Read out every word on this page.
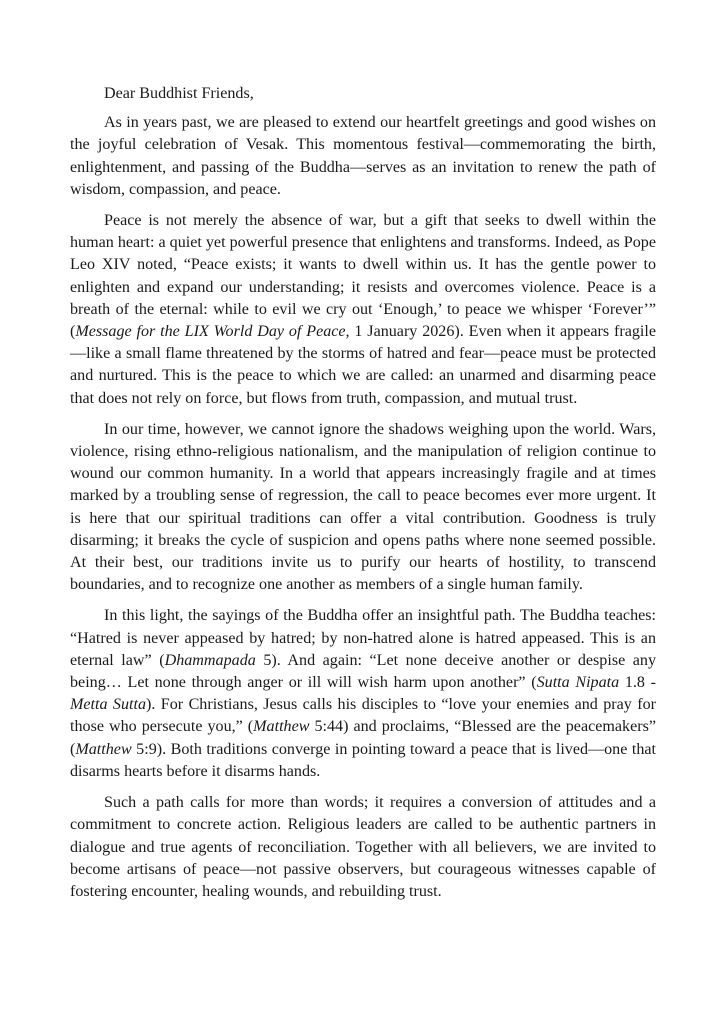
Dear Buddhist Friends,

As in years past, we are pleased to extend our heartfelt greetings and good wishes on the joyful celebration of Vesak. This momentous festival—commemorating the birth, enlightenment, and passing of the Buddha—serves as an invitation to renew the path of wisdom, compassion, and peace.

Peace is not merely the absence of war, but a gift that seeks to dwell within the human heart: a quiet yet powerful presence that enlightens and transforms. Indeed, as Pope Leo XIV noted, “Peace exists; it wants to dwell within us. It has the gentle power to enlighten and expand our understanding; it resists and overcomes violence. Peace is a breath of the eternal: while to evil we cry out ‘Enough,’ to peace we whisper ‘Forever’” (Message for the LIX World Day of Peace, 1 January 2026). Even when it appears fragile—like a small flame threatened by the storms of hatred and fear—peace must be protected and nurtured. This is the peace to which we are called: an unarmed and disarming peace that does not rely on force, but flows from truth, compassion, and mutual trust.

In our time, however, we cannot ignore the shadows weighing upon the world. Wars, violence, rising ethno-religious nationalism, and the manipulation of religion continue to wound our common humanity. In a world that appears increasingly fragile and at times marked by a troubling sense of regression, the call to peace becomes ever more urgent. It is here that our spiritual traditions can offer a vital contribution. Goodness is truly disarming; it breaks the cycle of suspicion and opens paths where none seemed possible. At their best, our traditions invite us to purify our hearts of hostility, to transcend boundaries, and to recognize one another as members of a single human family.

In this light, the sayings of the Buddha offer an insightful path. The Buddha teaches: “Hatred is never appeased by hatred; by non-hatred alone is hatred appeased. This is an eternal law” (Dhammapada 5). And again: “Let none deceive another or despise any being… Let none through anger or ill will wish harm upon another” (Sutta Nipata 1.8 - Metta Sutta). For Christians, Jesus calls his disciples to “love your enemies and pray for those who persecute you,” (Matthew 5:44) and proclaims, “Blessed are the peacemakers” (Matthew 5:9). Both traditions converge in pointing toward a peace that is lived—one that disarms hearts before it disarms hands.

Such a path calls for more than words; it requires a conversion of attitudes and a commitment to concrete action. Religious leaders are called to be authentic partners in dialogue and true agents of reconciliation. Together with all believers, we are invited to become artisans of peace—not passive observers, but courageous witnesses capable of fostering encounter, healing wounds, and rebuilding trust.
